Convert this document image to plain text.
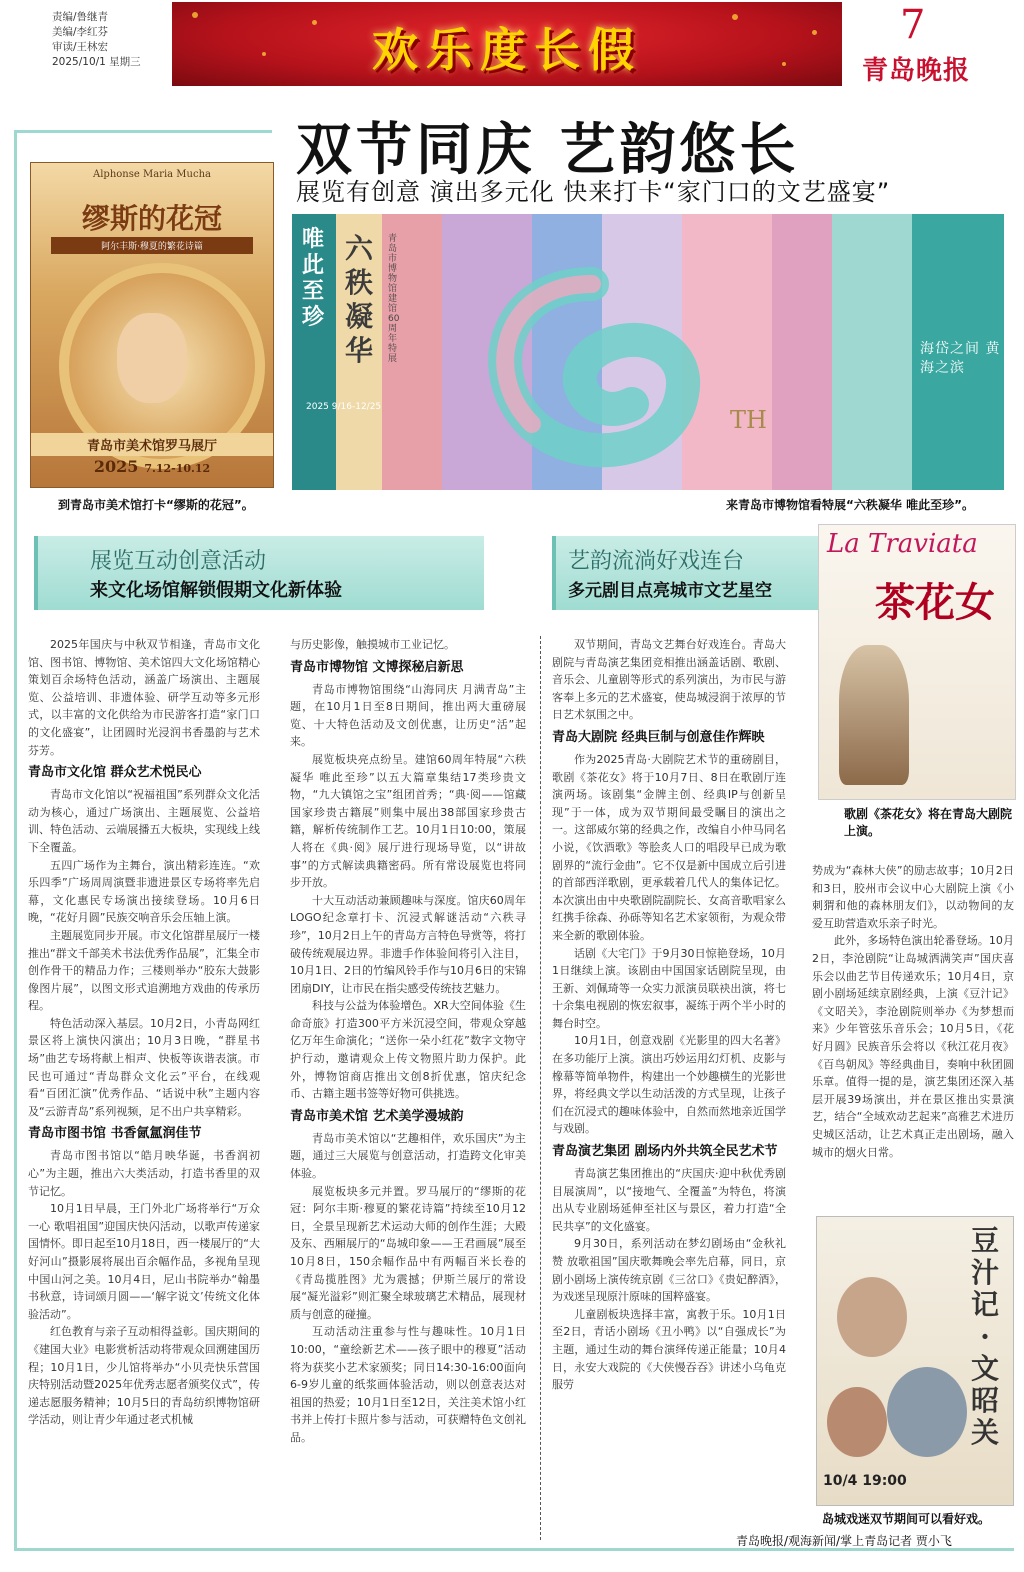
责编/鲁继青
美编/李红芬
审读/王林宏
2025/10/1 星期三	欢乐度长假	7
青岛晚报
双节同庆 艺韵悠长
展览有创意 演出多元化 快来打卡“家门口的文艺盛宴”
Alphonse Maria Mucha
缪斯的花冠
阿尔丰斯·穆夏的繁花诗篇
青岛市美术馆罗马展厅
2025 7.12-10.12
到青岛市美术馆打卡“缪斯的花冠”。
唯此至珍
六秩凝华
青岛市博物馆建馆60周年特展
2025 9/16-12/25	TH
海岱之间 黄海之滨
来青岛市博物馆看特展“六秩凝华 唯此至珍”。
展览互动创意活动
来文化场馆解锁假期文化新体验
艺韵流淌好戏连台
多元剧目点亮城市文艺星空
La Traviata
茶花女
歌剧《茶花女》将在青岛大剧院上演。

2025年国庆与中秋双节相逢，青岛市文化馆、图书馆、博物馆、美术馆四大文化场馆精心策划百余场特色活动，涵盖广场演出、主题展览、公益培训、非遗体验、研学互动等多元形式，以丰富的文化供给为市民游客打造“家门口的文化盛宴”，让团圆时光浸润书香墨韵与艺术芬芳。

青岛市文化馆 群众艺术悦民心

青岛市文化馆以“祝福祖国”系列群众文化活动为核心，通过广场演出、主题展览、公益培训、特色活动、云端展播五大板块，实现线上线下全覆盖。

五四广场作为主舞台，演出精彩连连。“欢乐四季”广场周周演暨非遗进景区专场将率先启幕，文化惠民专场演出接续登场。10月6日晚，“花好月圆”民族交响音乐会压轴上演。

主题展览同步开展。市文化馆群星展厅一楼推出“群文千部美术书法优秀作品展”，汇集全市创作骨干的精品力作；三楼则举办“胶东大鼓影像图片展”，以图文形式追溯地方戏曲的传承历程。

特色活动深入基层。10月2日，小青岛网红景区将上演快闪演出；10月3日晚，“群星书场”曲艺专场将献上相声、快板等诙谐表演。市民也可通过“青岛群众文化云”平台，在线观看“百团汇演”优秀作品、“话说中秋”主题内容及“云游青岛”系列视频，足不出户共享精彩。

青岛市图书馆 书香氤氲润佳节

青岛市图书馆以“皓月映华诞，书香润初心”为主题，推出六大类活动，打造书香里的双节记忆。

10月1日早晨，王门外北广场将举行“万众一心 歌唱祖国”迎国庆快闪活动，以歌声传递家国情怀。即日起至10月18日，西一楼展厅的“大好河山”摄影展将展出百余幅作品，多视角呈现中国山河之美。10月4日，尼山书院举办“翰墨书秋意，诗词颂月圆——‘解字说文’传统文化体验活动”。

红色教育与亲子互动相得益彰。国庆期间的《建国大业》电影赏析活动将带观众回溯建国历程；10月1日，少儿馆将举办“小贝壳快乐营国庆特别活动暨2025年优秀志愿者颁奖仪式”，传递志愿服务精神；10月5日的青岛纺织博物馆研学活动，则让青少年通过老式机械

与历史影像，触摸城市工业记忆。

青岛市博物馆 文博探秘启新思

青岛市博物馆围绕“山海同庆 月满青岛”主题，在10月1日至8日期间，推出两大重磅展览、十大特色活动及文创优惠，让历史“活”起来。

展览板块亮点纷呈。建馆60周年特展“六秩凝华 唯此至珍”以五大篇章集结17类珍贵文物，“九大镇馆之宝”组团首秀；“典·阅——馆藏国家珍贵古籍展”则集中展出38部国家珍贵古籍，解析传统制作工艺。10月1日10:00，策展人将在《典·阅》展厅进行现场导览，以“讲故事”的方式解读典籍密码。所有常设展览也将同步开放。

十大互动活动兼顾趣味与深度。馆庆60周年LOGO纪念章打卡、沉浸式解谜活动“六秩寻珍”，10月2日上午的青岛方言特色导赏等，将打破传统观展边界。非遗手作体验间将引入注目，10月1日、2日的竹编风铃手作与10月6日的宋锦团扇DIY，让市民在指尖感受传统技艺魅力。

科技与公益为体验增色。XR大空间体验《生命奇旅》打造300平方米沉浸空间，带观众穿越亿万年生命演化；“送你一朵小红花”数字文物守护行动，邀请观众上传文物照片助力保护。此外，博物馆商店推出文创8折优惠，馆庆纪念币、古籍主题书签等好物可供挑选。

青岛市美术馆 艺术美学漫城韵

青岛市美术馆以“艺趣相伴，欢乐国庆”为主题，通过三大展览与创意活动，打造跨文化审美体验。

展览板块多元并置。罗马展厅的“缪斯的花冠：阿尔丰斯·穆夏的繁花诗篇”持续至10月12日，全景呈现新艺术运动大师的创作生涯；大殿及东、西厢展厅的“岛城印象——王君画展”展至10月8日，150余幅作品中有两幅百米长卷的《青岛揽胜图》尤为震撼；伊斯兰展厅的常设展“凝光溢彩”则汇聚全球玻璃艺术精品，展现材质与创意的碰撞。

互动活动注重参与性与趣味性。10月1日10:00，“童绘新艺术——孩子眼中的穆夏”活动将为获奖小艺术家颁奖；同日14:30-16:00面向6-9岁儿童的纸浆画体验活动，则以创意表达对祖国的热爱；10月1日至12日，关注美术馆小红书并上传打卡照片参与活动，可获赠特色文创礼品。

双节期间，青岛文艺舞台好戏连台。青岛大剧院与青岛演艺集团竞相推出涵盖话剧、歌剧、音乐会、儿童剧等形式的系列演出，为市民与游客奉上多元的艺术盛宴，使岛城浸润于浓厚的节日艺术氛围之中。

青岛大剧院 经典巨制与创意佳作辉映

作为2025青岛·大剧院艺术节的重磅剧目，歌剧《茶花女》将于10月7日、8日在歌剧厅连演两场。该剧集“金牌主创、经典IP与创新呈现”于一体，成为双节期间最受瞩目的演出之一。这部威尔第的经典之作，改编自小仲马同名小说，《饮酒歌》等脍炙人口的唱段早已成为歌剧界的“流行金曲”。它不仅是新中国成立后引进的首部西洋歌剧，更承载着几代人的集体记忆。本次演出由中央歌剧院副院长、女高音歌唱家么红携手徐森、孙砾等知名艺术家领衔，为观众带来全新的歌剧体验。

话剧《大宅门》于9月30日惊艳登场，10月1日继续上演。该剧由中国国家话剧院呈现，由王新、刘佩琦等一众实力派演员联袂出演，将七十余集电视剧的恢宏叙事，凝练于两个半小时的舞台时空。

10月1日，创意戏剧《光影里的四大名著》在多功能厅上演。演出巧妙运用幻灯机、皮影与橡幕等简单物件，构建出一个妙趣横生的光影世界，将经典文学以生动活泼的方式呈现，让孩子们在沉浸式的趣味体验中，自然而然地亲近国学与戏剧。

青岛演艺集团 剧场内外共筑全民艺术节

青岛演艺集团推出的“庆国庆·迎中秋优秀剧目展演周”，以“接地气、全覆盖”为特色，将演出从专业剧场延伸至社区与景区，着力打造“全民共享”的文化盛宴。

9月30日，系列活动在梦幻剧场由“金秋礼赞 放歌祖国”国庆歌舞晚会率先启幕，同日，京剧小剧场上演传统京剧《三岔口》《贵妃醉酒》，为戏迷呈现原汁原味的国粹盛宴。

儿童剧板块选择丰富，寓教于乐。10月1日至2日，青话小剧场《丑小鸭》以“自强成长”为主题，通过生动的舞台演绎传递正能量；10月4日，永安大戏院的《大侠慢吞吞》讲述小乌龟克服劳

势成为“森林大侠”的励志故事；10月2日和3日，胶州市会议中心大剧院上演《小刺猬和他的森林朋友们》，以动物间的友爱互助营造欢乐亲子时光。

此外，多场特色演出轮番登场。10月2日，李沧剧院“让岛城洒满笑声”国庆喜乐会以曲艺节目传递欢乐；10月4日，京剧小剧场延续京剧经典，上演《豆汁记》《文昭关》，李沧剧院则举办《为梦想而来》少年管弦乐音乐会；10月5日，《花好月圆》民族音乐会将以《秋江花月夜》《百鸟朝凤》等经典曲目，奏响中秋团圆乐章。值得一提的是，演艺集团还深入基层开展39场演出，并在景区推出实景演艺，结合“全域欢动艺起来”高雅艺术进历史城区活动，让艺术真正走出剧场，融入城市的烟火日常。

豆汁记·文昭关
10/4 19:00
岛城戏迷双节期间可以看好戏。
青岛晚报/观海新闻/掌上青岛记者 贾小飞
